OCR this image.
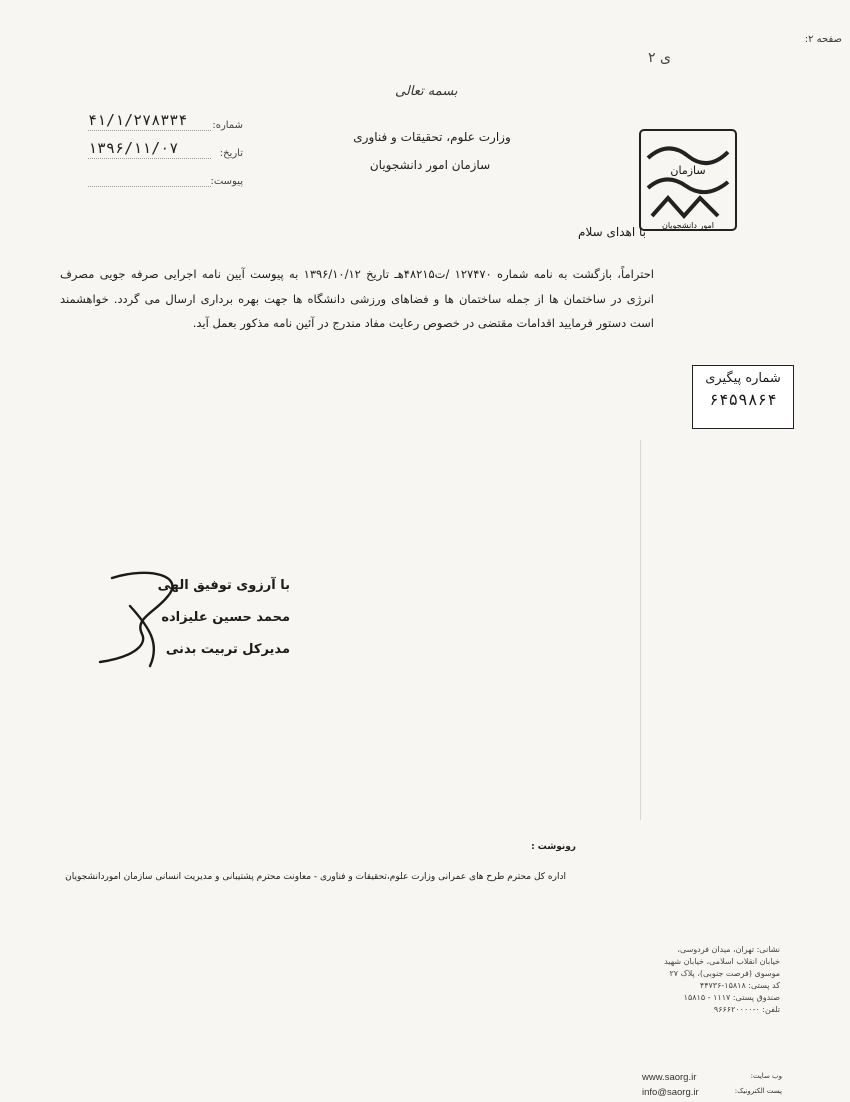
صفحه ۲:
ی ۲
بسمه تعالی
وزارت علوم، تحقیقات و فناوری
سازمان امور دانشجویان
۴۱/۱/۲۷۸۳۳۴	شماره:
۱۳۹۶/۱۱/۰۷	تاریخ:
پیوست:
سازمان
امور دانشجویان
با اهدای سلام
احتراماً، بازگشت به نامه شماره ۱۲۷۴۷۰ /ت۴۸۲۱۵هـ تاریخ ۱۳۹۶/۱۰/۱۲ به پیوست آیین نامه اجرایی صرفه جویی مصرف انرژی در ساختمان ها از جمله ساختمان ها و فضاهای ورزشی دانشگاه ها جهت بهره برداری ارسال می گردد. خواهشمند است دستور فرمایید اقدامات مقتضی در خصوص رعایت مفاد مندرج در آئین نامه مذکور بعمل آید.
شماره پیگیری
۶۴۵۹۸۶۴
با آرزوی توفیق الهی
محمد حسین علیزاده
مدیرکل تربیت بدنی
رونوشت :
اداره کل محترم طرح های عمرانی وزارت علوم،تحقیقات و فناوری - معاونت محترم پشتیبانی و مدیریت انسانی سازمان اموردانشجویان
نشانی: تهران، میدان فردوسی،
خیابان انقلاب اسلامی، خیابان شهید
موسوی (فرصت جنوبی)، پلاک ۲۷
کد پستی: ۱۵۸۱۸-۴۴۷۳۶
صندوق پستی: ۱۱۱۷ - ۱۵۸۱۵
تلفن: ۰-۹۶۶۶۲۰۰۰۰
www.saorg.ir	وب سایت:
info@saorg.ir	پست الکترونیک:
